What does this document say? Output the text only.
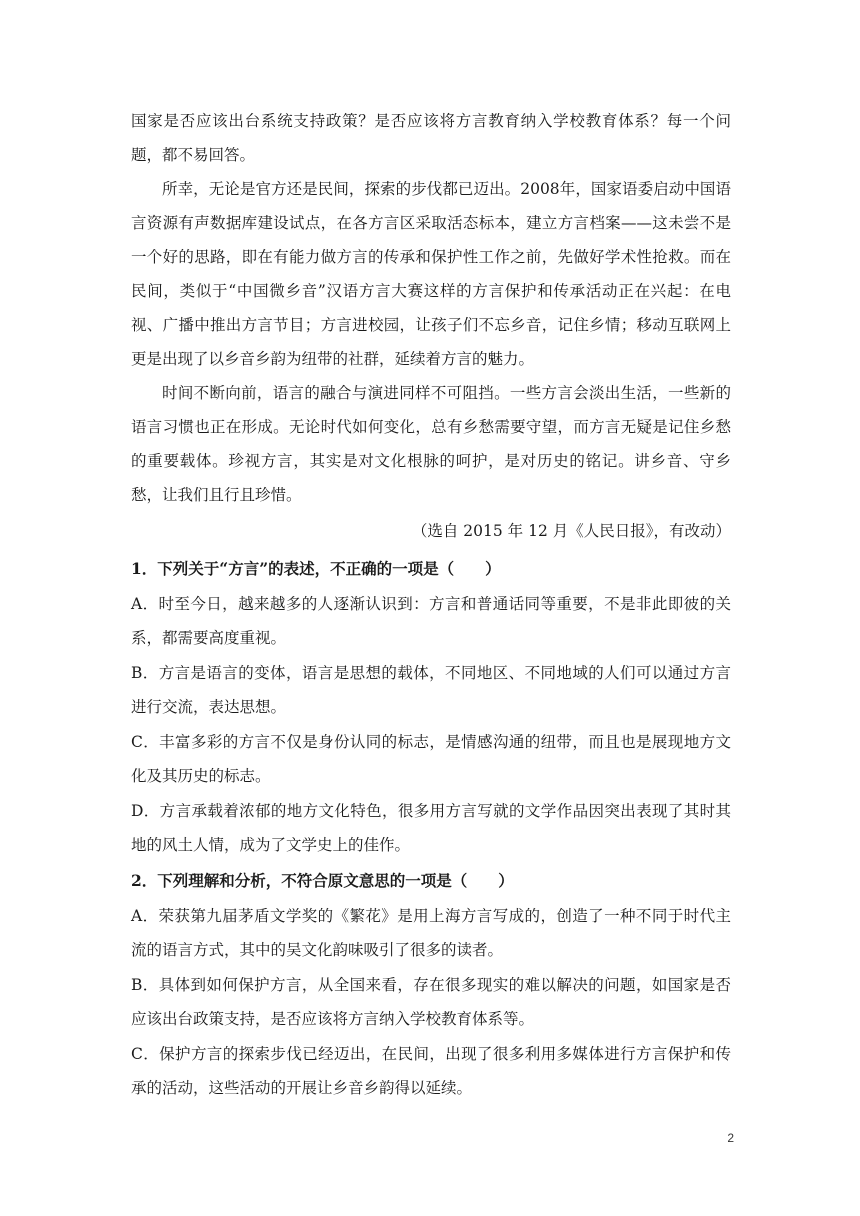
国家是否应该出台系统支持政策？是否应该将方言教育纳入学校教育体系？每一个问题，都不易回答。

所幸，无论是官方还是民间，探索的步伐都已迈出。2008年，国家语委启动中国语言资源有声数据库建设试点，在各方言区采取活态标本，建立方言档案——这未尝不是一个好的思路，即在有能力做方言的传承和保护性工作之前，先做好学术性抢救。而在民间，类似于“中国微乡音”汉语方言大赛这样的方言保护和传承活动正在兴起：在电视、广播中推出方言节目；方言进校园，让孩子们不忘乡音，记住乡情；移动互联网上更是出现了以乡音乡韵为纽带的社群，延续着方言的魅力。

时间不断向前，语言的融合与演进同样不可阻挡。一些方言会淡出生活，一些新的语言习惯也正在形成。无论时代如何变化，总有乡愁需要守望，而方言无疑是记住乡愁的重要载体。珍视方言，其实是对文化根脉的呵护，是对历史的铭记。讲乡音、守乡愁，让我们且行且珍惜。

（选自 2015 年 12 月《人民日报》，有改动）

1．下列关于“方言”的表述，不正确的一项是（　　）

A．时至今日，越来越多的人逐渐认识到：方言和普通话同等重要，不是非此即彼的关系，都需要高度重视。

B．方言是语言的变体，语言是思想的载体，不同地区、不同地域的人们可以通过方言进行交流，表达思想。

C．丰富多彩的方言不仅是身份认同的标志，是情感沟通的纽带，而且也是展现地方文化及其历史的标志。

D．方言承载着浓郁的地方文化特色，很多用方言写就的文学作品因突出表现了其时其地的风土人情，成为了文学史上的佳作。

2．下列理解和分析，不符合原文意思的一项是（　　）

A．荣获第九届茅盾文学奖的《繁花》是用上海方言写成的，创造了一种不同于时代主流的语言方式，其中的吴文化韵味吸引了很多的读者。

B．具体到如何保护方言，从全国来看，存在很多现实的难以解决的问题，如国家是否应该出台政策支持，是否应该将方言纳入学校教育体系等。

C．保护方言的探索步伐已经迈出，在民间，出现了很多利用多媒体进行方言保护和传承的活动，这些活动的开展让乡音乡韵得以延续。

2
